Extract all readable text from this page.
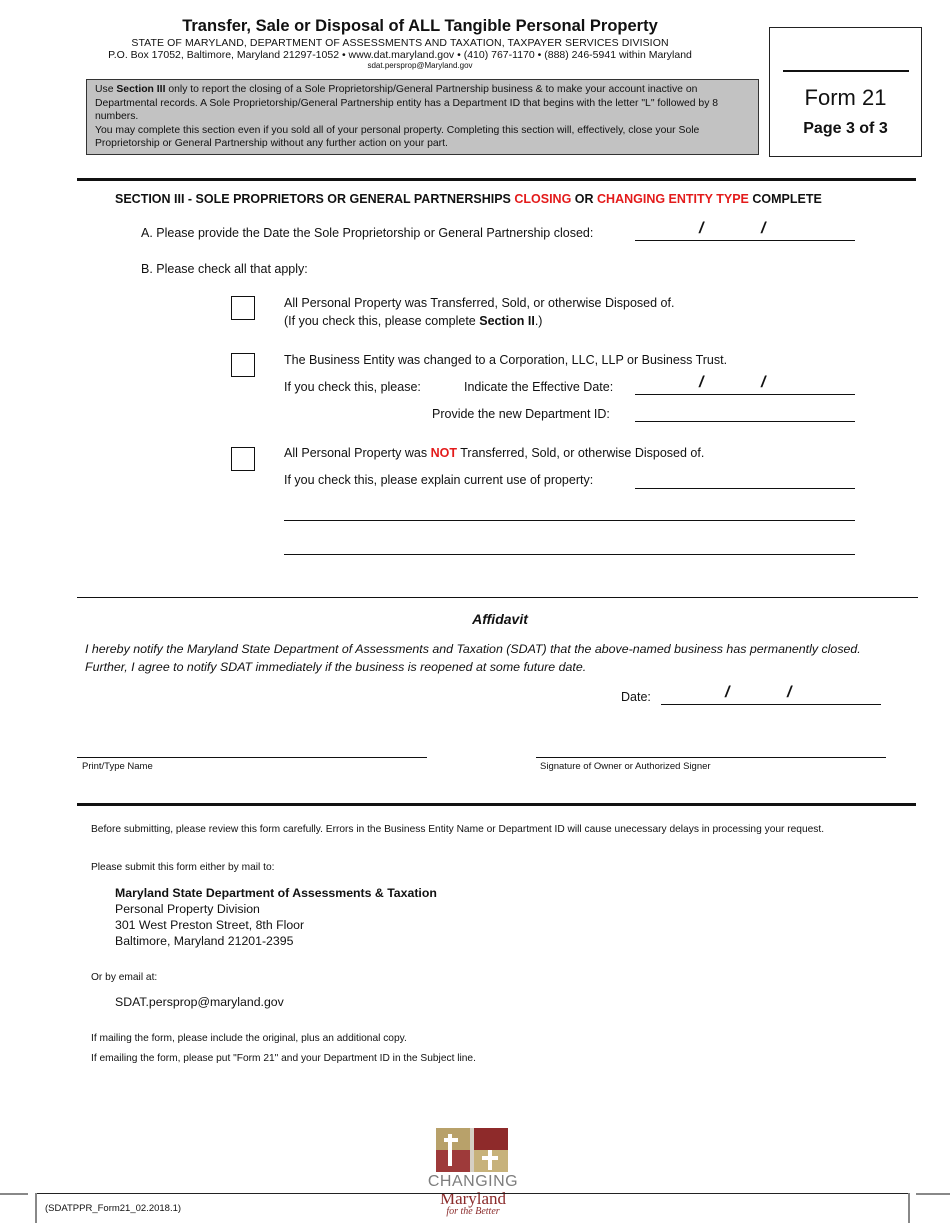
Transfer, Sale or Disposal of ALL Tangible Personal Property
STATE OF MARYLAND, DEPARTMENT OF ASSESSMENTS AND TAXATION, TAXPAYER SERVICES DIVISION
P.O. Box 17052, Baltimore, Maryland 21297-1052 • www.dat.maryland.gov • (410) 767-1170 • (888) 246-5941 within Maryland
sdat.persprop@Maryland.gov
Form 21
Page 3 of 3
Use Section III only to report the closing of a Sole Proprietorship/General Partnership business & to make your account inactive on Departmental records. A Sole Proprietorship/General Partnership entity has a Department ID that begins with the letter "L" followed by 8 numbers.
You may complete this section even if you sold all of your personal property. Completing this section will, effectively, close your Sole Proprietorship or General Partnership without any further action on your part.
SECTION III - SOLE PROPRIETORS OR GENERAL PARTNERSHIPS CLOSING OR CHANGING ENTITY TYPE COMPLETE
A. Please provide the Date the Sole Proprietorship or General Partnership closed:	/	/
B. Please check all that apply:
All Personal Property was Transferred, Sold, or otherwise Disposed of.
(If you check this, please complete Section II.)
The Business Entity was changed to a Corporation, LLC, LLP or Business Trust.
If you check this, please:	Indicate the Effective Date:	/	/
Provide the new Department ID:
All Personal Property was NOT Transferred, Sold, or otherwise Disposed of.
If you check this, please explain current use of property:
Affidavit
I hereby notify the Maryland State Department of Assessments and Taxation (SDAT) that the above-named business has permanently closed.
Further, I agree to notify SDAT immediately if the business is reopened at some future date.
Date:	/	/
Print/Type Name	Signature of Owner or Authorized Signer
Before submitting, please review this form carefully. Errors in the Business Entity Name or Department ID will cause unecessary delays in processing your request.
Please submit this form either by mail to:
Maryland State Department of Assessments & Taxation
Personal Property Division
301 West Preston Street, 8th Floor
Baltimore, Maryland 21201-2395
Or by email at:
SDAT.persprop@maryland.gov
If mailing the form, please include the original, plus an additional copy.
If emailing the form, please put "Form 21" and your Department ID in the Subject line.
CHANGING
Maryland
for the Better
(SDATPPR_Form21_02.2018.1)
